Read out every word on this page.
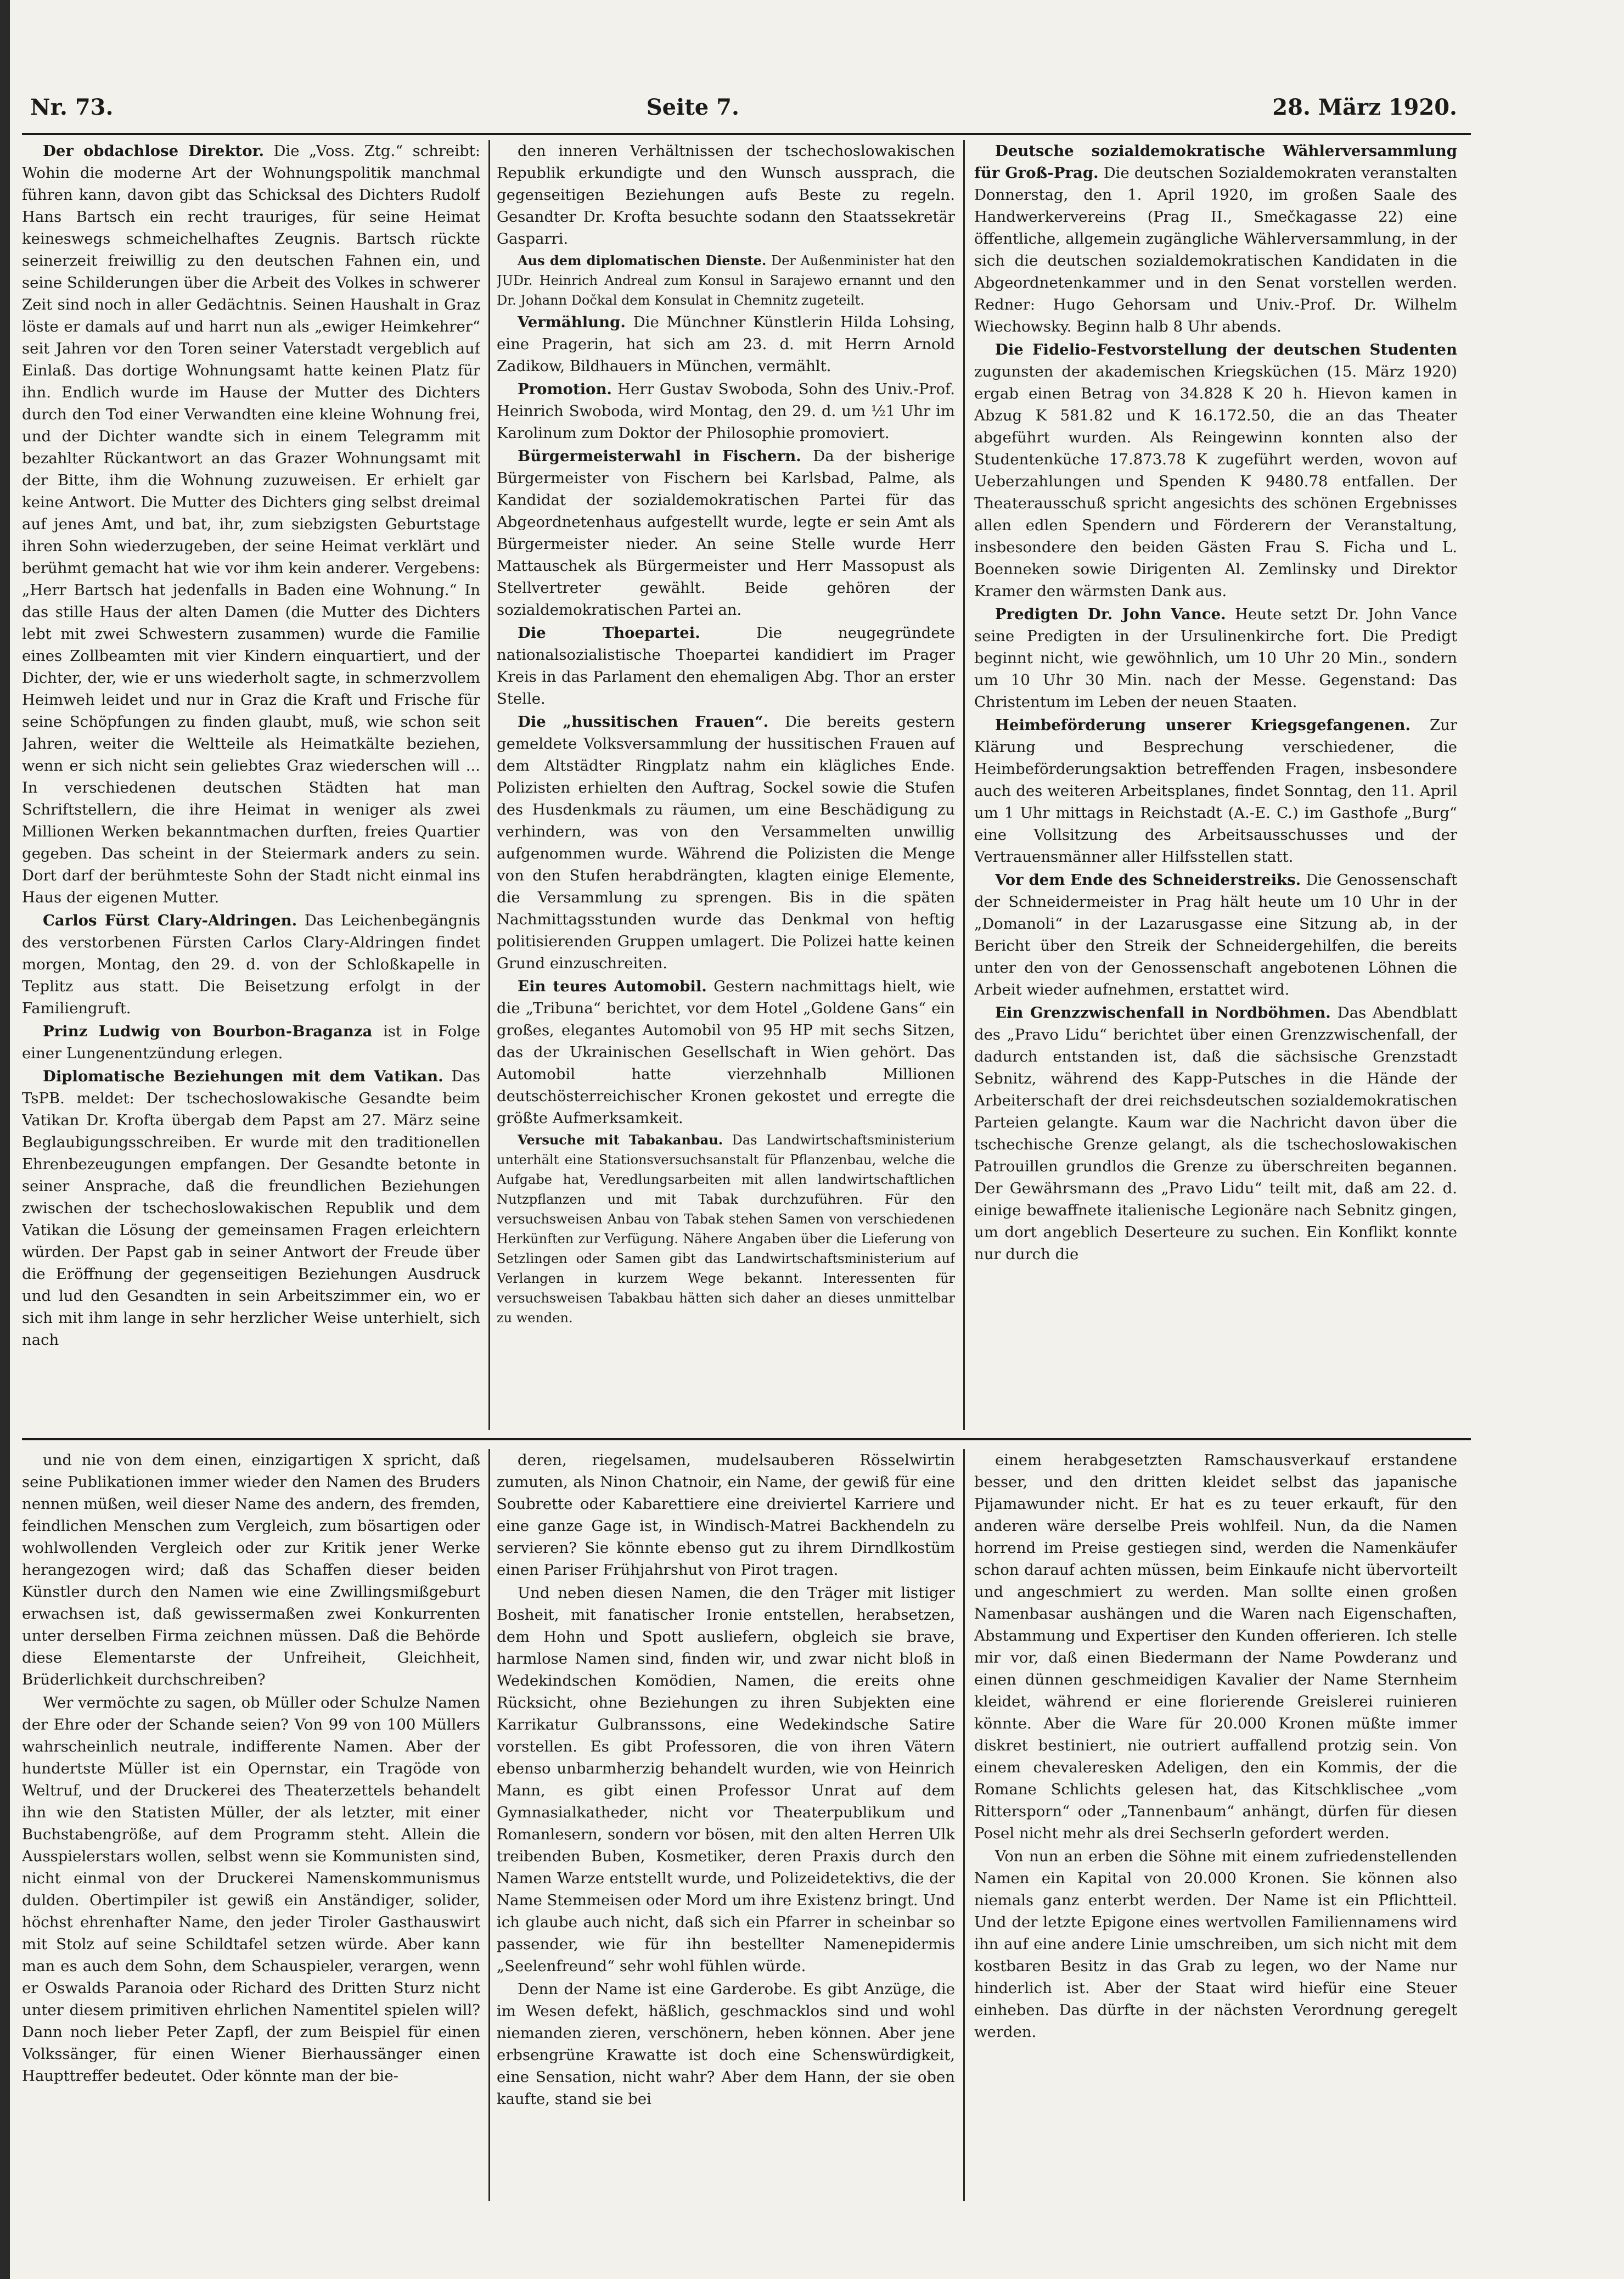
Nr. 73.	Seite 7.	28. März 1920.

Der obdachlose Direktor. Die „Voss. Ztg.“ schreibt: Wohin die moderne Art der Wohnungspolitik manchmal führen kann, davon gibt das Schicksal des Dichters Rudolf Hans Bartsch ein recht trauriges, für seine Heimat keineswegs schmeichelhaftes Zeugnis. Bartsch rückte seinerzeit freiwillig zu den deutschen Fahnen ein, und seine Schilderungen über die Arbeit des Volkes in schwerer Zeit sind noch in aller Gedächtnis. Seinen Haushalt in Graz löste er damals auf und harrt nun als „ewiger Heimkehrer“ seit Jahren vor den Toren seiner Vaterstadt vergeblich auf Einlaß. Das dortige Wohnungsamt hatte keinen Platz für ihn. Endlich wurde im Hause der Mutter des Dichters durch den Tod einer Verwandten eine kleine Wohnung frei, und der Dichter wandte sich in einem Telegramm mit bezahlter Rückantwort an das Grazer Wohnungsamt mit der Bitte, ihm die Wohnung zuzuweisen. Er erhielt gar keine Antwort. Die Mutter des Dichters ging selbst dreimal auf jenes Amt, und bat, ihr, zum siebzigsten Geburtstage ihren Sohn wiederzugeben, der seine Heimat verklärt und berühmt gemacht hat wie vor ihm kein anderer. Vergebens: „Herr Bartsch hat jedenfalls in Baden eine Wohnung.“ In das stille Haus der alten Damen (die Mutter des Dichters lebt mit zwei Schwestern zusammen) wurde die Familie eines Zollbeamten mit vier Kindern einquartiert, und der Dichter, der, wie er uns wiederholt sagte, in schmerzvollem Heimweh leidet und nur in Graz die Kraft und Frische für seine Schöpfungen zu finden glaubt, muß, wie schon seit Jahren, weiter die Weltteile als Heimatkälte beziehen, wenn er sich nicht sein geliebtes Graz wiederschen will ... In verschiedenen deutschen Städten hat man Schriftstellern, die ihre Heimat in weniger als zwei Millionen Werken bekanntmachen durften, freies Quartier gegeben. Das scheint in der Steiermark anders zu sein. Dort darf der berühmteste Sohn der Stadt nicht einmal ins Haus der eigenen Mutter.

Carlos Fürst Clary-Aldringen. Das Leichenbegängnis des verstorbenen Fürsten Carlos Clary-Aldringen findet morgen, Montag, den 29. d. von der Schloßkapelle in Teplitz aus statt. Die Beisetzung erfolgt in der Familiengruft.

Prinz Ludwig von Bourbon-Braganza ist in Folge einer Lungenentzündung erlegen.

Diplomatische Beziehungen mit dem Vatikan. Das TsPB. meldet: Der tschechoslowakische Gesandte beim Vatikan Dr. Krofta übergab dem Papst am 27. März seine Beglaubigungsschreiben. Er wurde mit den traditionellen Ehrenbezeugungen empfangen. Der Gesandte betonte in seiner Ansprache, daß die freundlichen Beziehungen zwischen der tschechoslowakischen Republik und dem Vatikan die Lösung der gemeinsamen Fragen erleichtern würden. Der Papst gab in seiner Antwort der Freude über die Eröffnung der gegenseitigen Beziehungen Ausdruck und lud den Gesandten in sein Arbeitszimmer ein, wo er sich mit ihm lange in sehr herzlicher Weise unterhielt, sich nach

den inneren Verhältnissen der tschechoslowakischen Republik erkundigte und den Wunsch aussprach, die gegenseitigen Beziehungen aufs Beste zu regeln. Gesandter Dr. Krofta besuchte sodann den Staatssekretär Gasparri.

Aus dem diplomatischen Dienste. Der Außenminister hat den JUDr. Heinrich Andreal zum Konsul in Sarajewo ernannt und den Dr. Johann Dočkal dem Konsulat in Chemnitz zugeteilt.

Vermählung. Die Münchner Künstlerin Hilda Lohsing, eine Pragerin, hat sich am 23. d. mit Herrn Arnold Zadikow, Bildhauers in München, vermählt.

Promotion. Herr Gustav Swoboda, Sohn des Univ.-Prof. Heinrich Swoboda, wird Montag, den 29. d. um ½1 Uhr im Karolinum zum Doktor der Philosophie promoviert.

Bürgermeisterwahl in Fischern. Da der bisherige Bürgermeister von Fischern bei Karlsbad, Palme, als Kandidat der sozialdemokratischen Partei für das Abgeordnetenhaus aufgestellt wurde, legte er sein Amt als Bürgermeister nieder. An seine Stelle wurde Herr Mattauschek als Bürgermeister und Herr Massopust als Stellvertreter gewählt. Beide gehören der sozialdemokratischen Partei an.

Die Thoepartei.	Die neugegründete nationalsozialistische Thoepartei kandidiert im Prager Kreis in das Parlament den ehemaligen Abg. Thor an erster Stelle.

Die „hussitischen Frauen“. Die bereits gestern gemeldete Volksversammlung der hussitischen Frauen auf dem Altstädter Ringplatz nahm ein klägliches Ende. Polizisten erhielten den Auftrag, Sockel sowie die Stufen des Husdenkmals zu räumen, um eine Beschädigung zu verhindern, was von den Versammelten unwillig aufgenommen wurde. Während die Polizisten die Menge von den Stufen herabdrängten, klagten einige Elemente, die Versammlung zu sprengen. Bis in die späten Nachmittagsstunden wurde das Denkmal von heftig politisierenden Gruppen umlagert. Die Polizei hatte keinen Grund einzuschreiten.

Ein teures Automobil. Gestern nachmittags hielt, wie die „Tribuna“ berichtet, vor dem Hotel „Goldene Gans“ ein großes, elegantes Automobil von 95 HP mit sechs Sitzen, das der Ukrainischen Gesellschaft in Wien gehört. Das Automobil hatte vierzehnhalb Millionen deutschösterreichischer Kronen gekostet und erregte die größte Aufmerksamkeit.

Versuche mit Tabakanbau. Das Landwirtschaftsministerium unterhält eine Stationsversuchsanstalt für Pflanzenbau, welche die Aufgabe hat, Veredlungsarbeiten mit allen landwirtschaftlichen Nutzpflanzen und mit Tabak durchzuführen. Für den versuchsweisen Anbau von Tabak stehen Samen von verschiedenen Herkünften zur Verfügung. Nähere Angaben über die Lieferung von Setzlingen oder Samen gibt das Landwirtschaftsministerium auf Verlangen in kurzem Wege bekannt. Interessenten für versuchsweisen Tabakbau hätten sich daher an dieses unmittelbar zu wenden.

Deutsche sozialdemokratische Wählerversammlung für Groß-Prag. Die deutschen Sozialdemokraten veranstalten Donnerstag, den 1. April 1920, im großen Saale des Handwerkervereins (Prag II., Smečkagasse 22) eine öffentliche, allgemein zugängliche Wählerversammlung, in der sich die deutschen sozialdemokratischen Kandidaten in die Abgeordnetenkammer und in den Senat vorstellen werden. Redner: Hugo Gehorsam und Univ.-Prof. Dr. Wilhelm Wiechowsky. Beginn halb 8 Uhr abends.

Die Fidelio-Festvorstellung der deutschen Studenten zugunsten der akademischen Kriegsküchen (15. März 1920) ergab einen Betrag von 34.828 K 20 h. Hievon kamen in Abzug K 581.82 und K 16.172.50, die an das Theater abgeführt wurden. Als Reingewinn konnten also der Studentenküche 17.873.78 K zugeführt werden, wovon auf Ueberzahlungen und Spenden K 9480.78 entfallen. Der Theaterausschuß spricht angesichts des schönen Ergebnisses allen edlen Spendern und Förderern der Veranstaltung, insbesondere den beiden Gästen Frau S. Ficha und L. Boenneken sowie Dirigenten Al. Zemlinsky und Direktor Kramer den wärmsten Dank aus.

Predigten Dr. John Vance. Heute setzt Dr. John Vance seine Predigten in der Ursulinenkirche fort. Die Predigt beginnt nicht, wie gewöhnlich, um 10 Uhr 20 Min., sondern um 10 Uhr 30 Min. nach der Messe. Gegenstand: Das Christentum im Leben der neuen Staaten.

Heimbeförderung unserer Kriegsgefangenen. Zur Klärung und Besprechung verschiedener, die Heimbeförderungsaktion betreffenden Fragen, insbesondere auch des weiteren Arbeitsplanes, findet Sonntag, den 11. April um 1 Uhr mittags in Reichstadt (A.-E. C.) im Gasthofe „Burg“ eine Vollsitzung des Arbeitsausschusses und der Vertrauensmänner aller Hilfsstellen statt.

Vor dem Ende des Schneiderstreiks. Die Genossenschaft der Schneidermeister in Prag hält heute um 10 Uhr in der „Domanoli“ in der Lazarusgasse eine Sitzung ab, in der Bericht über den Streik der Schneidergehilfen, die bereits unter den von der Genossenschaft angebotenen Löhnen die Arbeit wieder aufnehmen, erstattet wird.

Ein Grenzzwischenfall in Nordböhmen. Das Abendblatt des „Pravo Lidu“ berichtet über einen Grenzzwischenfall, der dadurch entstanden ist, daß die sächsische Grenzstadt Sebnitz, während des Kapp-Putsches in die Hände der Arbeiterschaft der drei reichsdeutschen sozialdemokratischen Parteien gelangte. Kaum war die Nachricht davon über die tschechische Grenze gelangt, als die tschechoslowakischen Patrouillen grundlos die Grenze zu überschreiten begannen. Der Gewährsmann des „Pravo Lidu“ teilt mit, daß am 22. d. einige bewaffnete italienische Legionäre nach Sebnitz gingen, um dort angeblich Deserteure zu suchen. Ein Konflikt konnte nur durch die

und nie von dem einen, einzigartigen X spricht, daß seine Publikationen immer wieder den Namen des Bruders nennen müßen, weil dieser Name des andern, des fremden, feindlichen Menschen zum Vergleich, zum bösartigen oder wohlwollenden Vergleich oder zur Kritik jener Werke herangezogen wird; daß das Schaffen dieser beiden Künstler durch den Namen wie eine Zwillingsmißgeburt erwachsen ist, daß gewissermaßen zwei Konkurrenten unter derselben Firma zeichnen müssen. Daß die Behörde diese Elementarste der Unfreiheit, Gleichheit, Brüderlichkeit durchschreiben?

Wer vermöchte zu sagen, ob Müller oder Schulze Namen der Ehre oder der Schande seien? Von 99 von 100 Müllers wahrscheinlich neutrale, indifferente Namen. Aber der hundertste Müller ist ein Opernstar, ein Tragöde von Weltruf, und der Druckerei des Theaterzettels behandelt ihn wie den Statisten Müller, der als letzter, mit einer Buchstabengröße, auf dem Programm steht. Allein die Ausspielerstars wollen, selbst wenn sie Kommunisten sind, nicht einmal von der Druckerei Namenskommunismus dulden. Obertimpiler ist gewiß ein Anständiger, solider, höchst ehrenhafter Name, den jeder Tiroler Gasthauswirt mit Stolz auf seine Schildtafel setzen würde. Aber kann man es auch dem Sohn, dem Schauspieler, verargen, wenn er Oswalds Paranoia oder Richard des Dritten Sturz nicht unter diesem primitiven ehrlichen Namentitel spielen will? Dann noch lieber Peter Zapfl, der zum Beispiel für einen Volkssänger, für einen Wiener Bierhaussänger einen Haupttreffer bedeutet. Oder könnte man der bie-

deren, riegelsamen, mudelsauberen Rösselwirtin zumuten, als Ninon Chatnoir, ein Name, der gewiß für eine Soubrette oder Kabarettiere eine dreiviertel Karriere und eine ganze Gage ist, in Windisch-Matrei Backhendeln zu servieren? Sie könnte ebenso gut zu ihrem Dirndlkostüm einen Pariser Frühjahrshut von Pirot tragen.

Und neben diesen Namen, die den Träger mit listiger Bosheit, mit fanatischer Ironie entstellen, herabsetzen, dem Hohn und Spott ausliefern, obgleich sie brave, harmlose Namen sind, finden wir, und zwar nicht bloß in Wedekindschen Komödien, Namen, die ereits ohne Rücksicht, ohne Beziehungen zu ihren Subjekten eine Karrikatur Gulbranssons, eine Wedekindsche Satire vorstellen. Es gibt Professoren, die von ihren Vätern ebenso unbarmherzig behandelt wurden, wie von Heinrich Mann, es gibt einen Professor Unrat auf dem Gymnasialkatheder, nicht vor Theaterpublikum und Romanlesern, sondern vor bösen, mit den alten Herren Ulk treibenden Buben, Kosmetiker, deren Praxis durch den Namen Warze entstellt wurde, und Polizeidetektivs, die der Name Stemmeisen oder Mord um ihre Existenz bringt. Und ich glaube auch nicht, daß sich ein Pfarrer in scheinbar so passender, wie für ihn bestellter Namenepidermis „Seelenfreund“ sehr wohl fühlen würde.

Denn der Name ist eine Garderobe. Es gibt Anzüge, die im Wesen defekt, häßlich, geschmacklos sind und wohl niemanden zieren, verschönern, heben können. Aber jene erbsengrüne Krawatte ist doch eine Schenswürdigkeit, eine Sensation, nicht wahr? Aber dem Hann, der sie oben kaufte, stand sie bei

einem herabgesetzten Ramschausverkauf erstandene besser, und den dritten kleidet selbst das japanische Pijamawunder nicht. Er hat es zu teuer erkauft, für den anderen wäre derselbe Preis wohlfeil. Nun, da die Namen horrend im Preise gestiegen sind, werden die Namenkäufer schon darauf achten müssen, beim Einkaufe nicht übervorteilt und angeschmiert zu werden. Man sollte einen großen Namenbasar aushängen und die Waren nach Eigenschaften, Abstammung und Expertiser den Kunden offerieren. Ich stelle mir vor, daß einen Biedermann der Name Powderanz und einen dünnen geschmeidigen Kavalier der Name Sternheim kleidet, während er eine florierende Greislerei ruinieren könnte. Aber die Ware für 20.000 Kronen müßte immer diskret bestiniert, nie outriert auffallend protzig sein. Von einem chevaleresken Adeligen, den ein Kommis, der die Romane Schlichts gelesen hat, das Kitschklischee „vom Rittersporn“ oder „Tannenbaum“ anhängt, dürfen für diesen Posel nicht mehr als drei Sechserln gefordert werden.

Von nun an erben die Söhne mit einem zufriedenstellenden Namen ein Kapital von 20.000 Kronen. Sie können also niemals ganz enterbt werden. Der Name ist ein Pflichtteil. Und der letzte Epigone eines wertvollen Familiennamens wird ihn auf eine andere Linie umschreiben, um sich nicht mit dem kostbaren Besitz in das Grab zu legen, wo der Name nur hinderlich ist. Aber der Staat wird hiefür eine Steuer einheben. Das dürfte in der nächsten Verordnung geregelt werden.
